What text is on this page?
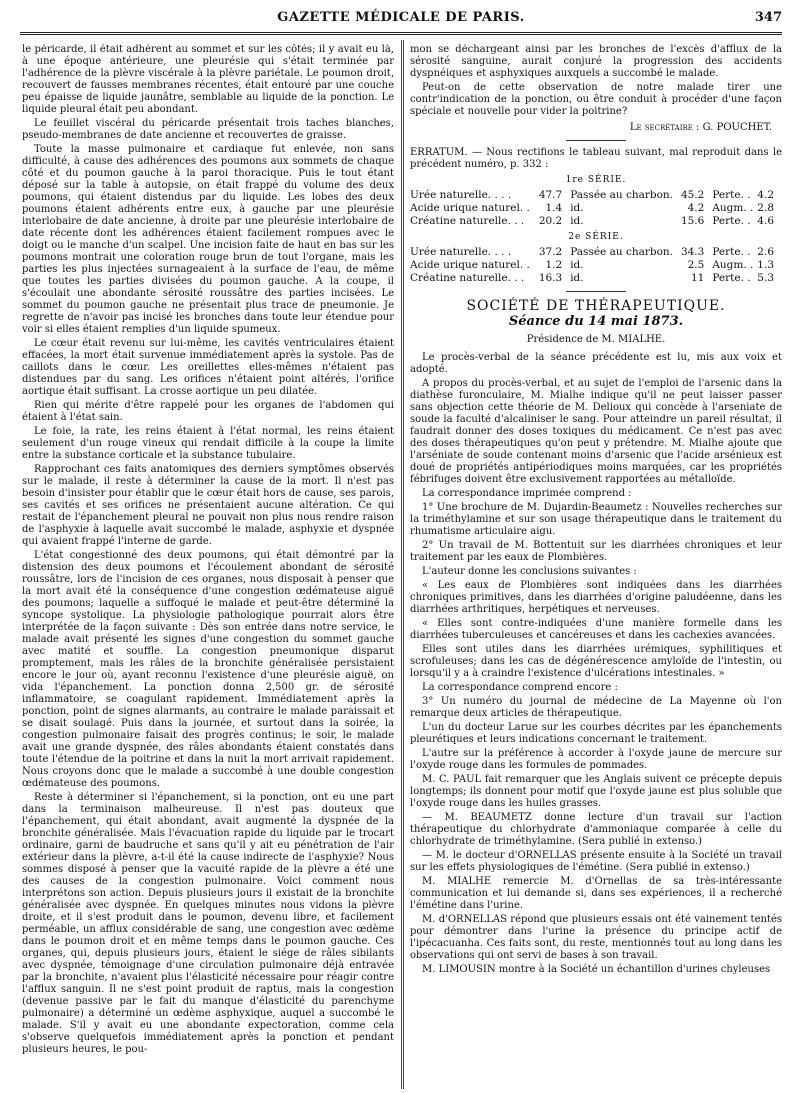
GAZETTE MÉDICALE DE PARIS.	347

le péricarde, il était adhérent au sommet et sur les côtés; il y avait eu là, à une époque antérieure, une pleurésie qui s'était terminée par l'adhérence de la plèvre viscérale à la plèvre pariétale. Le poumon droit, recouvert de fausses membranes récentes, était entouré par une couche peu épaisse de liquide jaunâtre, semblable au liquide de la ponction. Le liquide pleural était peu abondant.

Le feuillet viscéral du péricarde présentait trois taches blanches, pseudo-membranes de date ancienne et recouvertes de graisse.

Toute la masse pulmonaire et cardiaque fut enlevée, non sans difficulté, à cause des adhérences des poumons aux sommets de chaque côté et du poumon gauche à la paroi thoracique. Puis le tout étant déposé sur la table à autopsie, on était frappé du volume des deux poumons, qui étaient distendus par du liquide. Les lobes des deux poumons étaient adhérents entre eux, à gauche par une pleurésie interlobaire de date ancienne, à droite par une pleurésie interlobaire de date récente dont les adhérences étaient facilement rompues avec le doigt ou le manche d'un scalpel. Une incision faite de haut en bas sur les poumons montrait une coloration rouge brun de tout l'organe, mais les parties les plus injectées surnageaient à la surface de l'eau, de même que toutes les parties divisées du poumon gauche. A la coupe, il s'écoulait une abondante sérosité roussâtre des parties incisées. Le sommet du poumon gauche ne présentait plus trace de pneumonie. Je regrette de n'avoir pas incisé les bronches dans toute leur étendue pour voir si elles étaient remplies d'un liquide spumeux.

Le cœur était revenu sur lui-même, les cavités ventriculaires étaient effacées, la mort était survenue immédiatement après la systole. Pas de caillots dans le cœur. Les oreillettes elles-mêmes n'étaient pas distendues par du sang. Les orifices n'étaient point altérés, l'orifice aortique était suffisant. La crosse aortique un peu dilatée.

Rien qui mérite d'être rappelé pour les organes de l'abdomen qui étaient à l'état sain.

Le foie, la rate, les reins étaient à l'état normal, les reins étaient seulement d'un rouge vineux qui rendait difficile à la coupe la limite entre la substance corticale et la substance tubulaire.

Rapprochant ces faits anatomiques des derniers symptômes observés sur le malade, il reste à déterminer la cause de la mort. Il n'est pas besoin d'insister pour établir que le cœur était hors de cause, ses parois, ses cavités et ses orifices ne présentaient aucune altération. Ce qui restait de l'épanchement pleural ne pouvait non plus nous rendre raison de l'asphyxie à laquelle avait succombé le malade, asphyxie et dyspnée qui avaient frappé l'interne de garde.

L'état congestionné des deux poumons, qui était démontré par la distension des deux poumons et l'écoulement abondant de sérosité roussâtre, lors de l'incision de ces organes, nous disposait à penser que la mort avait été la conséquence d'une congestion œdémateuse aiguë des poumons; laquelle a suffoqué le malade et peut-être déterminé la syncope systolique. La physiologie pathologique pourrait alors être interprétée de la façon suivante : Dès son entrée dans notre service, le malade avait présenté les signes d'une congestion du sommet gauche avec matité et souffle. La congestion pneumonique disparut promptement, mais les râles de la bronchite généralisée persistaient encore le jour où, ayant reconnu l'existence d'une pleurésie aiguë, on vida l'épanchement. La ponction donna 2,500 gr. de sérosité inflammatoire, se coagulant rapidement. Immédiatement après la ponction, point de signes alarmants, au contraire le malade paraissait et se disait soulagé. Puis dans la journée, et surtout dans la soirée, la congestion pulmonaire faisait des progrès continus; le soir, le malade avait une grande dyspnée, des râles abondants étaient constatés dans toute l'étendue de la poitrine et dans la nuit la mort arrivait rapidement. Nous croyons donc que le malade a succombé à une double congestion œdémateuse des poumons.

Reste à déterminer si l'épanchement, si la ponction, ont eu une part dans la terminaison malheureuse. Il n'est pas douteux que l'épanchement, qui était abondant, avait augmenté la dyspnée de la bronchite généralisée. Mais l'évacuation rapide du liquide par le trocart ordinaire, garni de baudruche et sans qu'il y ait eu pénétration de l'air extérieur dans la plèvre, a-t-il été la cause indirecte de l'asphyxie? Nous sommes disposé à penser que la vacuité rapide de la plèvre a été une des causes de la congestion pulmonaire. Voici comment nous interprétons son action. Depuis plusieurs jours il existait de la bronchite généralisée avec dyspnée. En quelques minutes nous vidons la plèvre droite, et il s'est produit dans le poumon, devenu libre, et facilement perméable, un afflux considérable de sang, une congestion avec œdème dans le poumon droit et en même temps dans le poumon gauche. Ces organes, qui, depuis plusieurs jours, étaient le siége de râles sibilants avec dyspnée, témoignage d'une circulation pulmonaire déjà entravée par la bronchite, n'avaient plus l'élasticité nécessaire pour réagir contre l'afflux sanguin. Il ne s'est point produit de raptus, mais la congestion (devenue passive par le fait du manque d'élasticité du parenchyme pulmonaire) a déterminé un œdème asphyxique, auquel a succombé le malade. S'il y avait eu une abondante expectoration, comme cela s'observe quelquefois immédiatement après la ponction et pendant plusieurs heures, le pou-

mon se déchargeant ainsi par les bronches de l'excès d'afflux de la sérosité sanguine, aurait conjuré la progression des accidents dyspnéiques et asphyxiques auxquels a succombé le malade.

Peut-on de cette observation de notre malade tirer une contr'indication de la ponction, ou être conduit à procéder d'une façon spéciale et nouvelle pour vider la poitrine?

Le secrétaire : G. POUCHET.

ERRATUM. — Nous rectifions le tableau suivant, mal reproduit dans le précédent numéro, p. 332 :

1re SÉRIE.
Urée naturelle. . . .	47.7	Passée au charbon.	45.2	Perte. .	4.2
Acide urique naturel. .	1.4	id.	4.2	Augm. .	2.8
Créatine naturelle. . .	20.2	id.	15.6	Perte. .	4.6
2e SÉRIE.
Urée naturelle. . . .	37.2	Passée au charbon.	34.3	Perte. .	2.6
Acide urique naturel. .	1.2	id.	2.5	Augm. .	1.3
Créatine naturelle. . .	16.3	id.	11	Perte. .	5.3
SOCIÉTÉ DE THÉRAPEUTIQUE.
Séance du 14 mai 1873.
Présidence de M. MIALHE.

Le procès-verbal de la séance précédente est lu, mis aux voix et adopté.

A propos du procès-verbal, et au sujet de l'emploi de l'arsenic dans la diathèse furonculaire, M. Mialhe indique qu'il ne peut laisser passer sans objection cette théorie de M. Delioux qui concède à l'arseniate de soude la faculté d'alcaliniser le sang. Pour atteindre un pareil résultat, il faudrait donner des doses toxiques du médicament. Ce n'est pas avec des doses thérapeutiques qu'on peut y prétendre. M. Mialhe ajoute que l'arséniate de soude contenant moins d'arsenic que l'acide arsénieux est doué de propriétés antipériodiques moins marquées, car les propriétés fébrifuges doivent être exclusivement rapportées au métalloïde.

La correspondance imprimée comprend :

1° Une brochure de M. Dujardin-Beaumetz : Nouvelles recherches sur la triméthylamine et sur son usage thérapeutique dans le traitement du rhumatisme articulaire aigu.

2° Un travail de M. Bottentuit sur les diarrhées chroniques et leur traitement par les eaux de Plombières.

L'auteur donne les conclusions suivantes :

« Les eaux de Plombières sont indiquées dans les diarrhées chroniques primitives, dans les diarrhées d'origine paludéenne, dans les diarrhées arthritiques, herpétiques et nerveuses.

« Elles sont contre-indiquées d'une manière formelle dans les diarrhées tuberculeuses et cancéreuses et dans les cachexies avancées.

Elles sont utiles dans les diarrhées urémiques, syphilitiques et scrofuleuses; dans les cas de dégénérescence amyloïde de l'intestin, ou lorsqu'il y a à craindre l'existence d'ulcérations intestinales. »

La correspondance comprend encore :

3° Un numéro du journal de médecine de La Mayenne où l'on remarque deux articles de thérapeutique.

L'un du docteur Larue sur les courbes décrites par les épanchements pleurétiques et leurs indications concernant le traitement.

L'autre sur la préférence à accorder à l'oxyde jaune de mercure sur l'oxyde rouge dans les formules de pommades.

M. C. PAUL fait remarquer que les Anglais suivent ce précepte depuis longtemps; ils donnent pour motif que l'oxyde jaune est plus soluble que l'oxyde rouge dans les huiles grasses.

— M. BEAUMETZ donne lecture d'un travail sur l'action thérapeutique du chlorhydrate d'ammoniaque comparée à celle du chlorhydrate de triméthylamine. (Sera publié in extenso.)

— M. le docteur d'ORNELLAS présente ensuite à la Société un travail sur les effets physiologiques de l'émétine. (Sera publié in extenso.)

M. MIALHE remercie M. d'Ornellas de sa très-intéressante communication et lui demande si, dans ses expériences, il a recherché l'émétine dans l'urine.

M. d'ORNELLAS répond que plusieurs essais ont été vainement tentés pour démontrer dans l'urine la présence du principe actif de l'ipécacuanha. Ces faits sont, du reste, mentionnés tout au long dans les observations qui ont servi de bases à son travail.

M. LIMOUSIN montre à la Société un échantillon d'urines chyleuses
